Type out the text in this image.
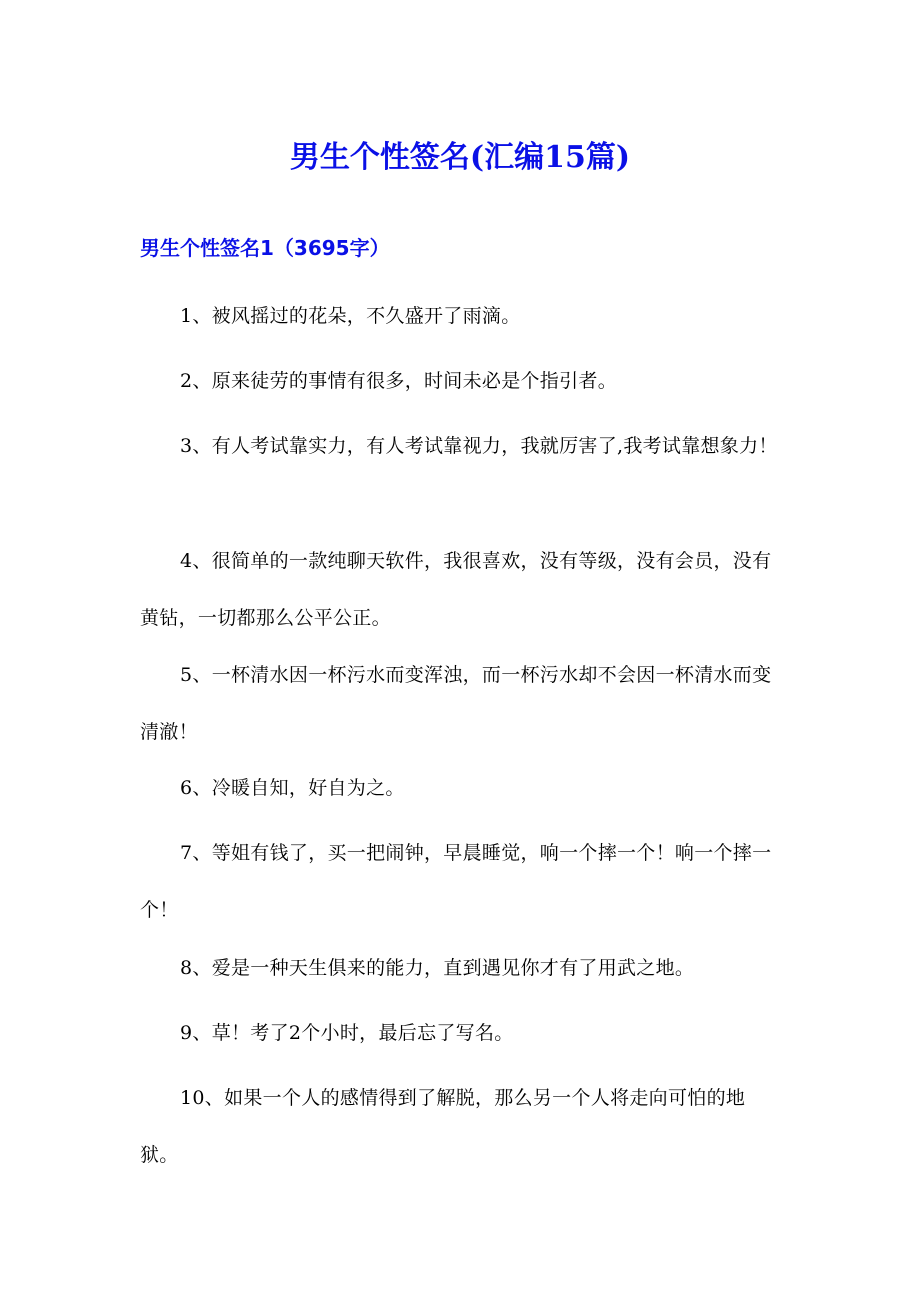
男生个性签名(汇编15篇)
男生个性签名1（3695字）

1、被风摇过的花朵，不久盛开了雨滴。

2、原来徒劳的事情有很多，时间未必是个指引者。

3、有人考试靠实力，有人考试靠视力，我就厉害了,我考试靠想象力！

4、很简单的一款纯聊天软件，我很喜欢，没有等级，没有会员，没有黄钻，一切都那么公平公正。

5、一杯清水因一杯污水而变浑浊，而一杯污水却不会因一杯清水而变清澈！

6、冷暖自知，好自为之。

7、等姐有钱了，买一把闹钟，早晨睡觉，响一个摔一个！响一个摔一个！

8、爱是一种天生俱来的能力，直到遇见你才有了用武之地。

9、草！考了2个小时，最后忘了写名。

10、如果一个人的感情得到了解脱，那么另一个人将走向可怕的地狱。
